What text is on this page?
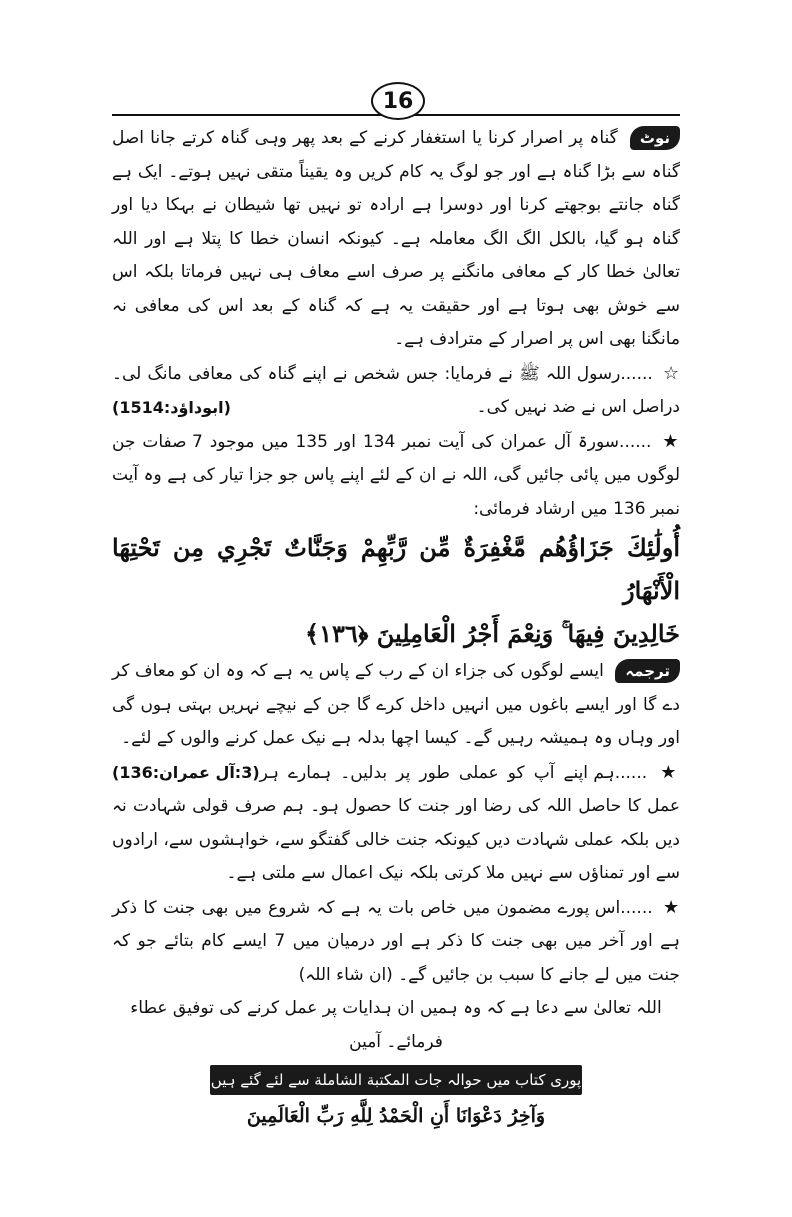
16

نوٹ گناہ پر اصرار کرنا یا استغفار کرنے کے بعد پھر وہی گناہ کرتے جانا اصل گناہ سے بڑا گناہ ہے اور جو لوگ یہ کام کریں وہ یقیناً متقی نہیں ہوتے۔ ایک ہے گناہ جانتے بوجھتے کرنا اور دوسرا ہے ارادہ تو نہیں تھا شیطان نے بہکا دیا اور گناہ ہو گیا، بالکل الگ الگ معاملہ ہے۔ کیونکہ انسان خطا کا پتلا ہے اور اللہ تعالیٰ خطا کار کے معافی مانگنے پر صرف اسے معاف ہی نہیں فرماتا بلکہ اس سے خوش بھی ہوتا ہے اور حقیقت یہ ہے کہ گناہ کے بعد اس کی معافی نہ مانگنا بھی اس پر اصرار کے مترادف ہے۔

☆ ......رسول اللہ ﷺ نے فرمایا: جس شخص نے اپنے گناہ کی معافی مانگ لی۔ دراصل اس نے ضد نہیں کی۔
(ابوداؤد:1514)

★ ......سورۃ آل عمران کی آیت نمبر 134 اور 135 میں موجود 7 صفات جن لوگوں میں پائی جائیں گی، اللہ نے ان کے لئے اپنے پاس جو جزا تیار کی ہے وہ آیت نمبر 136 میں ارشاد فرمائی:

أُولَٰئِكَ جَزَاؤُهُم مَّغْفِرَةٌ مِّن رَّبِّهِمْ وَجَنَّاتٌ تَجْرِي مِن تَحْتِهَا الْأَنْهَارُ
خَالِدِينَ فِيهَا ۚ وَنِعْمَ أَجْرُ الْعَامِلِينَ ﴿١٣٦﴾

ترجمہ ایسے لوگوں کی جزاء ان کے رب کے پاس یہ ہے کہ وہ ان کو معاف کر دے گا اور ایسے باغوں میں انہیں داخل کرے گا جن کے نیچے نہریں بہتی ہوں گی اور وہاں وہ ہمیشہ رہیں گے۔ کیسا اچھا بدلہ ہے نیک عمل کرنے والوں کے لئے۔
(3:آل عمران:136)	★ ......ہم اپنے آپ کو عملی طور پر بدلیں۔ ہمارے ہر عمل کا حاصل اللہ کی رضا اور جنت کا حصول ہو۔ ہم صرف قولی شہادت نہ دیں بلکہ عملی شہادت دیں کیونکہ جنت خالی گفتگو سے، خواہشوں سے، ارادوں سے اور تمناؤں سے نہیں ملا کرتی بلکہ نیک اعمال سے ملتی ہے۔

★ ......اس پورے مضمون میں خاص بات یہ ہے کہ شروع میں بھی جنت کا ذکر ہے اور آخر میں بھی جنت کا ذکر ہے اور درمیان میں 7 ایسے کام بتائے جو کہ جنت میں لے جانے کا سبب بن جائیں گے۔ (ان شاء اللہ)

اللہ تعالیٰ سے دعا ہے کہ وہ ہمیں ان ہدایات پر عمل کرنے کی توفیق عطاء فرمائے۔ آمین

پوری کتاب میں حوالہ جات المكتبة الشاملة سے لئے گئے ہیں
وَآخِرُ دَعْوَانَا أَنِ الْحَمْدُ لِلَّهِ رَبِّ الْعَالَمِينَ
